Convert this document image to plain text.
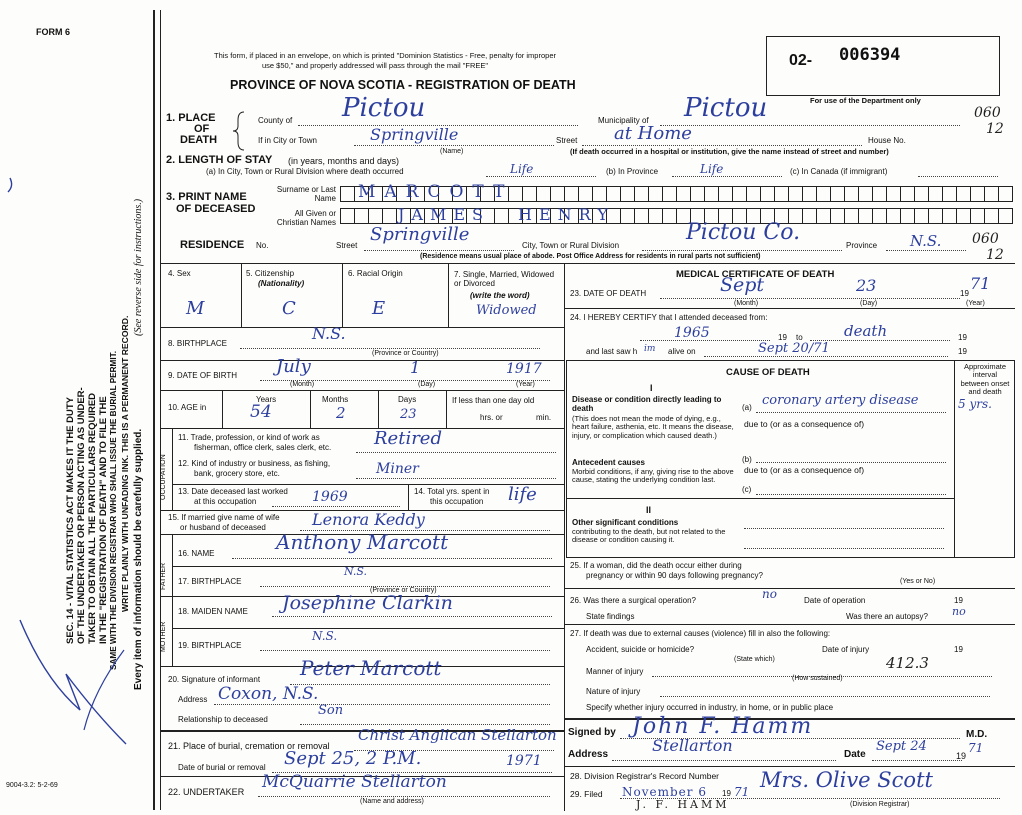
FORM 6
9004-3.2: 5-2-69
SEC. 14 - VITAL STATISTICS ACT MAKES IT THE DUTY OF THE UNDERTAKER OR PERSON ACTING AS UNDER- TAKER TO OBTAIN ALL THE PARTICULARS REQUIRED IN THE "REGISTRATION OF DEATH" AND TO FILE THE SAME WITH THE DIVISION REGISTRAR WHO SHALL ISSUE THE BURIAL PERMIT. WRITE PLAINLY WITH UNFADING INK. THIS IS A PERMANENT RECORD.
(See reverse side for instructions.)
Every item of information should be carefully supplied.
This form, if placed in an envelope, on which is printed "Dominion Statistics - Free, penalty for improper
use $50," and properly addressed will pass through the mail "FREE"
PROVINCE OF NOVA SCOTIA - REGISTRATION OF DEATH
02- 006394
For use of the Department only
060
12
1. PLACE
OF
DEATH
County of Pictou	Municipality of Pictou
If in City or Town	Springville
(Name)
Street at Home	House No.
(If death occurred in a hospital or institution, give the name instead of street and number)
2. LENGTH OF STAY (in years, months and days)
(a) In City, Town or Rural Division where death occurred	Life	(b) In Province	Life	(c) In Canada (if immigrant)
3. PRINT NAME
OF DECEASED
Surname or Last Name
All Given or Christian Names
MARCOTT
JAMES HENRY
RESIDENCE No.	Street
Springville
City, Town or Rural Division
Pictou Co.
Province N.S. 060
12
(Residence means usual place of abode. Post Office Address for residents in rural parts not sufficient)
4. Sex
M
5. Citizenship
(Nationality)
C
6. Racial Origin
E
7. Single, Married, Widowed or Divorced
(write the word)
Widowed
8. BIRTHPLACE
N.S.
(Province or Country)
9. DATE OF BIRTH July	1	1917
(Month)	(Day)	(Year)
10. AGE in
Years	Months	Days
54	2	23
If less than one day old
hrs. or	min.
OCCUPATION
11. Trade, profession, or kind of work as
fisherman, office clerk, sales clerk, etc. Retired
12. Kind of industry or business, as fishing,
bank, grocery store, etc.	Miner
13. Date deceased last worked
at this occupation	1969	14. Total yrs. spent in
this occupation life
15. If married give name of wife
or husband of deceased	Lenora Keddy
FATHER
16. NAME	Anthony Marcott
17. BIRTHPLACE
N.S.
(Province or Country)
MOTHER
18. MAIDEN NAME Josephine Clarkin
19. BIRTHPLACE
N.S.
20. Signature of informant Peter Marcott
Address Coxon, N.S.
Relationship to deceased
Son
21. Place of burial, cremation or removal
Christ Anglican Stellarton
Date of burial or removal Sept 25, 2 P.M.	1971
22. UNDERTAKER McQuarrie Stellarton
(Name and address)
MEDICAL CERTIFICATE OF DEATH
23. DATE OF DEATH	Sept	23	19
71
(Month)	(Day)	(Year)
24. I HEREBY CERTIFY that I attended deceased from:
1965	19 to	death	19
and last saw h im alive on	Sept 20/71	19
CAUSE OF DEATH
Approximate interval between onset and death
I
Disease or condition directly leading to death
(This does not mean the mode of dying, e.g., heart failure, asthenia, etc. It means the disease, injury, or complication which caused death.)
(a) coronary artery disease	5 yrs.
due to (or as a consequence of)
Antecedent causes
Morbid conditions, if any, giving rise to the above cause, stating the underlying condition last.
(b)
due to (or as a consequence of)
(c)
II
Other significant conditions
contributing to the death, but not related to the disease or condition causing it.
25. If a woman, did the death occur either during
pregnancy or within 90 days following pregnancy?
(Yes or No)
26. Was there a surgical operation?	no	Date of operation	19
State findings	Was there an autopsy? no
27. If death was due to external causes (violence) fill in also the following:
Accident, suicide or homicide?	Date of injury	19
(State which)
Manner of injury	412.3
(How sustained)
Nature of injury
Specify whether injury occurred in industry, in home, or in public place
Signed by John F. Hamm	M.D.
Address	Stellarton	Date
Sept 24
19
71
28. Division Registrar's Record Number
29. Filed November 6 19 71 Mrs. Olive Scott
(Division Registrar)
J. F. HAMM
